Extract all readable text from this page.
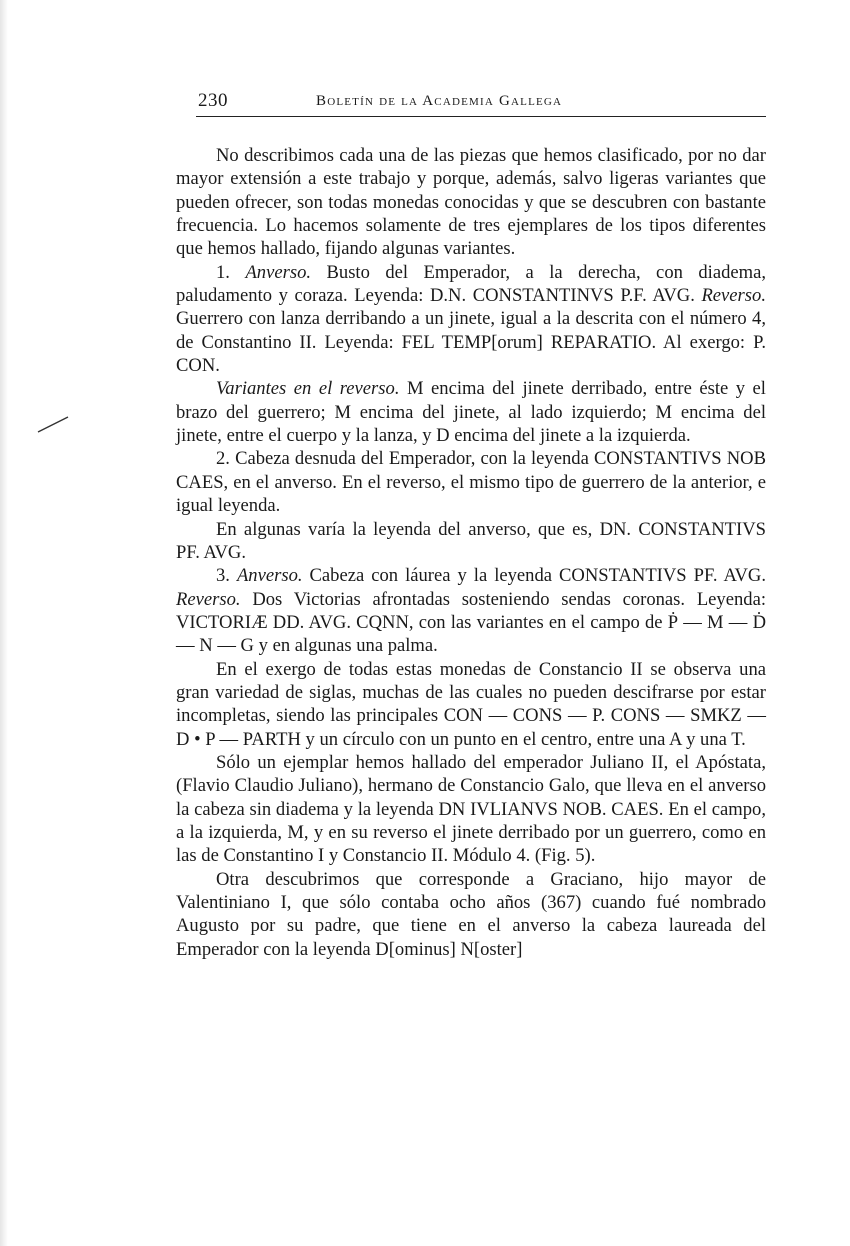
230	Boletín de la Academia Gallega

No describimos cada una de las piezas que hemos clasificado, por no dar mayor extensión a este trabajo y porque, además, salvo ligeras variantes que pueden ofrecer, son todas monedas conocidas y que se descubren con bastante frecuencia. Lo hacemos solamente de tres ejemplares de los tipos diferentes que hemos hallado, fijando algunas variantes.

1. Anverso. Busto del Emperador, a la derecha, con diadema, paludamento y coraza. Leyenda: D.N. CONSTANTINVS P.F. AVG. Reverso. Guerrero con lanza derribando a un jinete, igual a la descrita con el número 4, de Constantino II. Leyenda: FEL TEMP[orum] REPARATIO. Al exergo: P. CON.

Variantes en el reverso. M encima del jinete derribado, entre éste y el brazo del guerrero; M encima del jinete, al lado izquierdo; M encima del jinete, entre el cuerpo y la lanza, y D encima del jinete a la izquierda.

2. Cabeza desnuda del Emperador, con la leyenda CONSTANTIVS NOB CAES, en el anverso. En el reverso, el mismo tipo de guerrero de la anterior, e igual leyenda.

En algunas varía la leyenda del anverso, que es, DN. CONSTANTIVS PF. AVG.

3. Anverso. Cabeza con láurea y la leyenda CONSTANTIVS PF. AVG. Reverso. Dos Victorias afrontadas sosteniendo sendas coronas. Leyenda: VICTORIÆ DD. AVG. CQNN, con las variantes en el campo de Ṗ — M — Ḋ — N — G y en algunas una palma.

En el exergo de todas estas monedas de Constancio II se observa una gran variedad de siglas, muchas de las cuales no pueden descifrarse por estar incompletas, siendo las principales CON — CONS — P. CONS — SMKZ — D • P — PARTH y un círculo con un punto en el centro, entre una A y una T.

Sólo un ejemplar hemos hallado del emperador Juliano II, el Apóstata, (Flavio Claudio Juliano), hermano de Constancio Galo, que lleva en el anverso la cabeza sin diadema y la leyenda DN IVLIANVS NOB. CAES. En el campo, a la izquierda, M, y en su reverso el jinete derribado por un guerrero, como en las de Constantino I y Constancio II. Módulo 4. (Fig. 5).

Otra descubrimos que corresponde a Graciano, hijo mayor de Valentiniano I, que sólo contaba ocho años (367) cuando fué nombrado Augusto por su padre, que tiene en el anverso la cabeza laureada del Emperador con la leyenda D[ominus] N[oster]
